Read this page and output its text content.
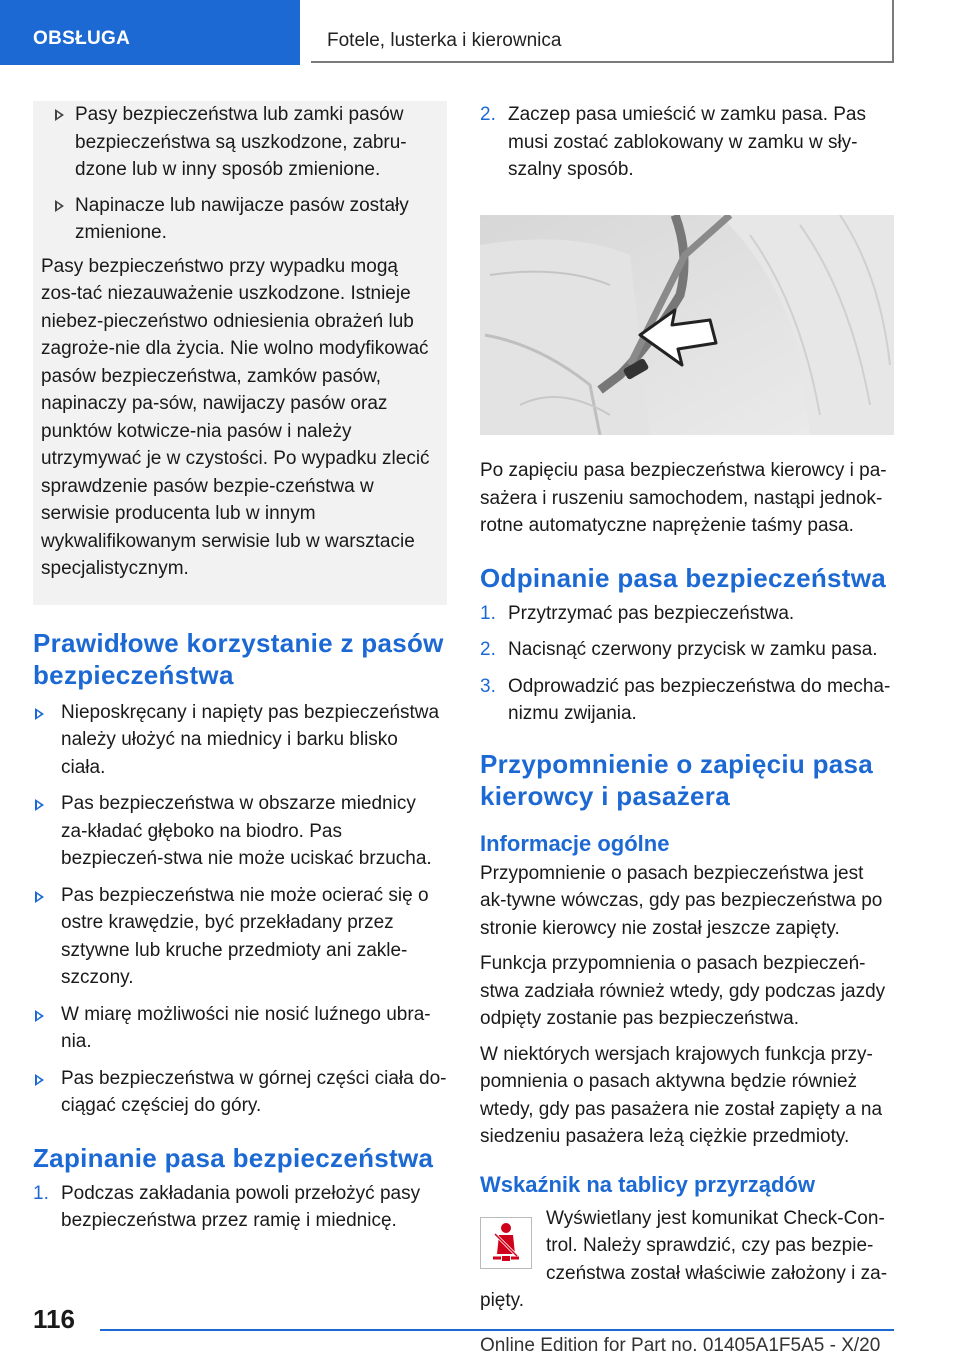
OBSŁUGA	Fotele, lusterka i kierownica
Pasy bezpieczeństwa lub zamki pasów bezpieczeństwa są uszkodzone, zabru-dzone lub w inny sposób zmienione.
Napinacze lub nawijacze pasów zostały zmienione.

Pasy bezpieczeństwo przy wypadku mogą zos-tać niezauważenie uszkodzone. Istnieje niebez-pieczeństwo odniesienia obrażeń lub zagroże-nie dla życia. Nie wolno modyfikować pasów bezpieczeństwa, zamków pasów, napinaczy pa-sów, nawijaczy pasów oraz punktów kotwicze-nia pasów i należy utrzymywać je w czystości. Po wypadku zlecić sprawdzenie pasów bezpie-czeństwa w serwisie producenta lub w innym wykwalifikowanym serwisie lub w warsztacie specjalistycznym.

Prawidłowe korzystanie z pasów bezpieczeństwa
Nieposkręcany i napięty pas bezpieczeństwa należy ułożyć na miednicy i barku blisko ciała.
Pas bezpieczeństwa w obszarze miednicy za-kładać głęboko na biodro. Pas bezpieczeń-stwa nie może uciskać brzucha.
Pas bezpieczeństwa nie może ocierać się o ostre krawędzie, być przekładany przez sztywne lub kruche przedmioty ani zakle-szczony.
W miarę możliwości nie nosić luźnego ubra-nia.
Pas bezpieczeństwa w górnej części ciała do-ciągać częściej do góry.
Zapinanie pasa bezpieczeństwa
1. Podczas zakładania powoli przełożyć pasy bezpieczeństwa przez ramię i miednicę.
2. Zaczep pasa umieścić w zamku pasa. Pas musi zostać zablokowany w zamku w sły-szalny sposób.

Po zapięciu pasa bezpieczeństwa kierowcy i pa-sażera i ruszeniu samochodem, nastąpi jednok-rotne automatyczne naprężenie taśmy pasa.

Odpinanie pasa bezpieczeństwa
1. Przytrzymać pas bezpieczeństwa.
2. Nacisnąć czerwony przycisk w zamku pasa.
3. Odprowadzić pas bezpieczeństwa do mecha-nizmu zwijania.
Przypomnienie o zapięciu pasa kierowcy i pasażera
Informacje ogólne

Przypomnienie o pasach bezpieczeństwa jest ak-tywne wówczas, gdy pas bezpieczeństwa po stronie kierowcy nie został jeszcze zapięty.

Funkcja przypomnienia o pasach bezpieczeń-stwa zadziała również wtedy, gdy podczas jazdy odpięty zostanie pas bezpieczeństwa.

W niektórych wersjach krajowych funkcja przy-pomnienia o pasach aktywna będzie również wtedy, gdy pas pasażera nie został zapięty a na siedzeniu pasażera leżą ciężkie przedmioty.

Wskaźnik na tablicy przyrządów
Wyświetlany jest komunikat Check-Con-
trol. Należy sprawdzić, czy pas bezpie-
czeństwa został właściwie założony i za-
pięty.
116
Online Edition for Part no. 01405A1F5A5 - X/20
